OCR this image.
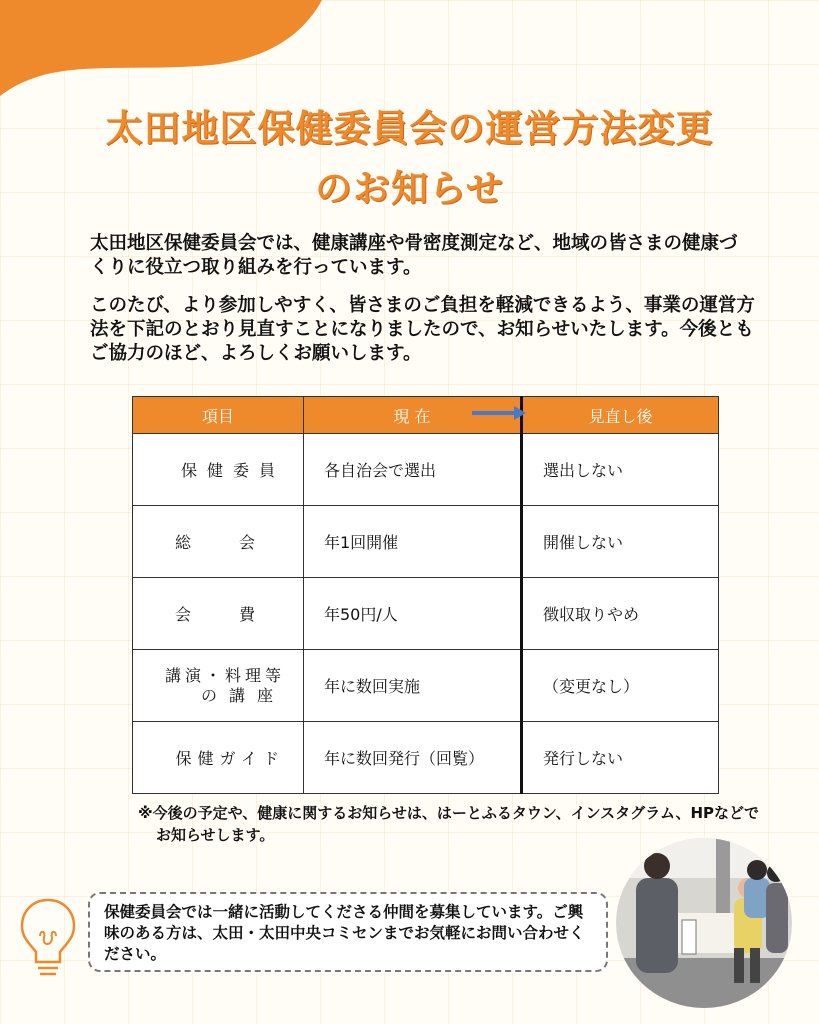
太田地区保健委員会の運営方法変更
のお知らせ

太田地区保健委員会では、健康講座や骨密度測定など、地域の皆さまの健康づくりに役立つ取り組みを行っています。

このたび、より参加しやすく、皆さまのご負担を軽減できるよう、事業の運営方法を下記のとおり見直すことになりましたので、お知らせいたします。今後ともご協力のほど、よろしくお願いします。

項目	現 在	見直し後
保健委員	各自治会で選出	選出しない
総会	年1回開催	開催しない
会費	年50円/人	徴収取りやめ

講演・料理等
の講座	年に数回実施	（変更なし）
保健ガイド	年に数回発行（回覧）	発行しない

※今後の予定や、健康に関するお知らせは、はーとふるタウン、インスタグラム、HPなどでお知らせします。

保健委員会では一緒に活動してくださる仲間を募集しています。ご興味のある方は、太田・太田中央コミセンまでお気軽にお問い合わせください。
